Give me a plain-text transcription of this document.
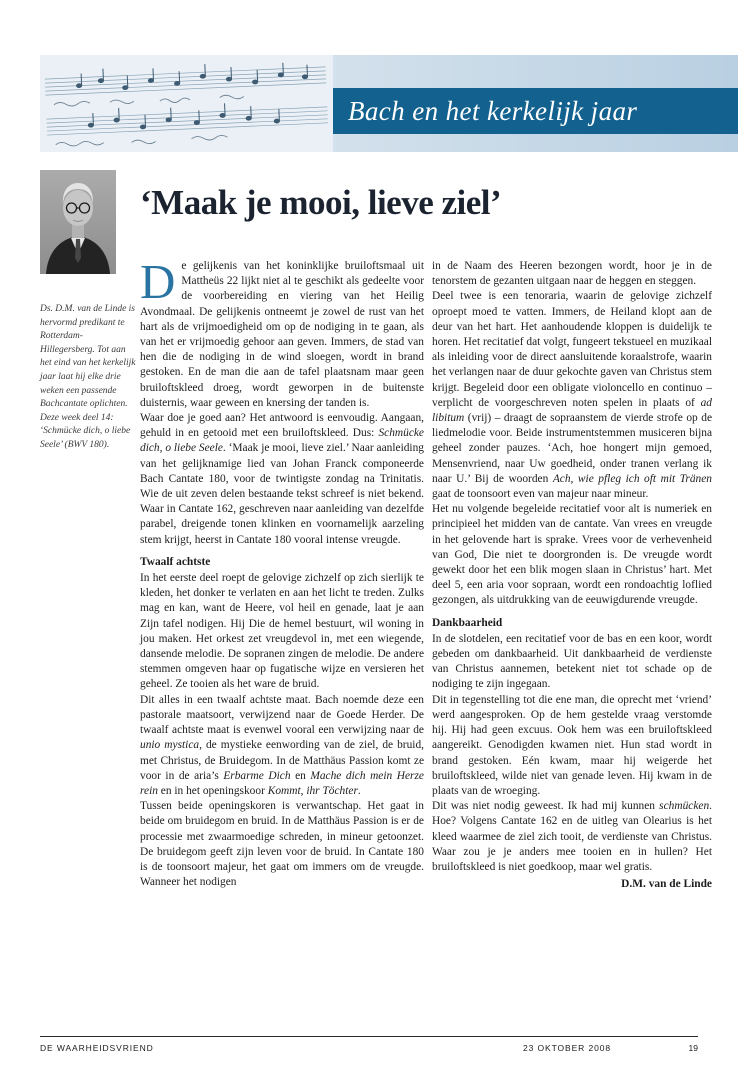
Bach en het kerkelijk jaar
Ds. D.M. van de Linde is hervormd predikant te Rotterdam-Hillegersberg. Tot aan het eind van het kerkelijk jaar laat hij elke drie weken een passende Bachcantate oplichten. Deze week deel 14: ‘Schmücke dich, o liebe Seele’ (BWV 180).
‘Maak je mooi, lieve ziel’

De gelijkenis van het koninklijke bruiloftsmaal uit Mattheüs 22 lijkt niet al te geschikt als gedeelte voor de voorbereiding en viering van het Heilig Avondmaal. De gelijkenis ontneemt je zowel de rust van het hart als de vrijmoedigheid om op de nodiging in te gaan, als van het er vrijmoedig gehoor aan geven. Immers, de stad van hen die de nodiging in de wind sloegen, wordt in brand gestoken. En de man die aan de tafel plaatsnam maar geen bruiloftskleed droeg, wordt geworpen in de buitenste duisternis, waar geween en knersing der tanden is.

Waar doe je goed aan? Het antwoord is eenvoudig. Aangaan, gehuld in en getooid met een bruiloftskleed. Dus: Schmücke dich, o liebe Seele. ‘Maak je mooi, lieve ziel.’ Naar aanleiding van het gelijknamige lied van Johan Franck componeerde Bach Cantate 180, voor de twintigste zondag na Trinitatis. Wie de uit zeven delen bestaande tekst schreef is niet bekend. Waar in Cantate 162, geschreven naar aanleiding van dezelfde parabel, dreigende tonen klinken en voornamelijk aarzeling stem krijgt, heerst in Cantate 180 vooral intense vreugde.

Twaalf achtste

In het eerste deel roept de gelovige zichzelf op zich sierlijk te kleden, het donker te verlaten en aan het licht te treden. Zulks mag en kan, want de Heere, vol heil en genade, laat je aan Zijn tafel nodigen. Hij Die de hemel bestuurt, wil woning in jou maken. Het orkest zet vreugdevol in, met een wiegende, dansende melodie. De sopranen zingen de melodie. De andere stemmen omgeven haar op fugatische wijze en versieren het geheel. Ze tooien als het ware de bruid.

Dit alles in een twaalf achtste maat. Bach noemde deze een pastorale maatsoort, verwijzend naar de Goede Herder. De twaalf achtste maat is evenwel vooral een verwijzing naar de unio mystica, de mystieke eenwording van de ziel, de bruid, met Christus, de Bruidegom. In de Matthäus Passion komt ze voor in de aria’s Erbarme Dich en Mache dich mein Herze rein en in het openingskoor Kommt, ihr Töchter.

Tussen beide openingskoren is verwantschap. Het gaat in beide om bruidegom en bruid. In de Matthäus Passion is er de processie met zwaarmoedige schreden, in mineur getoonzet. De bruidegom geeft zijn leven voor de bruid. In Cantate 180 is de toonsoort majeur, het gaat om immers om de vreugde. Wanneer het nodigen

in de Naam des Heeren bezongen wordt, hoor je in de tenorstem de gezanten uitgaan naar de heggen en steggen.

Deel twee is een tenoraria, waarin de gelovige zichzelf oproept moed te vatten. Immers, de Heiland klopt aan de deur van het hart. Het aanhoudende kloppen is duidelijk te horen. Het recitatief dat volgt, fungeert tekstueel en muzikaal als inleiding voor de direct aansluitende koraalstrofe, waarin het verlangen naar de duur gekochte gaven van Christus stem krijgt. Begeleid door een obligate violoncello en continuo – verplicht de voorgeschreven noten spelen in plaats of ad libitum (vrij) – draagt de sopraanstem de vierde strofe op de liedmelodie voor. Beide instrumentstemmen musiceren bijna geheel zonder pauzes. ‘Ach, hoe hongert mijn gemoed, Mensenvriend, naar Uw goedheid, onder tranen verlang ik naar U.’ Bij de woorden Ach, wie pfleg ich oft mit Tränen gaat de toonsoort even van majeur naar mineur.

Het nu volgende begeleide recitatief voor alt is numeriek en principieel het midden van de cantate. Van vrees en vreugde in het gelovende hart is sprake. Vrees voor de verhevenheid van God, Die niet te doorgronden is. De vreugde wordt gewekt door het een blik mogen slaan in Christus’ hart. Met deel 5, een aria voor sopraan, wordt een rondoachtig loflied gezongen, als uitdrukking van de eeuwigdurende vreugde.

Dankbaarheid

In de slotdelen, een recitatief voor de bas en een koor, wordt gebeden om dankbaarheid. Uit dankbaarheid de verdienste van Christus aannemen, betekent niet tot schade op de nodiging te zijn ingegaan.

Dit in tegenstelling tot die ene man, die oprecht met ‘vriend’ werd aangesproken. Op de hem gestelde vraag verstomde hij. Hij had geen excuus. Ook hem was een bruiloftskleed aangereikt. Genodigden kwamen niet. Hun stad wordt in brand gestoken. Eén kwam, maar hij weigerde het bruiloftskleed, wilde niet van genade leven. Hij kwam in de plaats van de wroeging.

Dit was niet nodig geweest. Ik had mij kunnen schmücken. Hoe? Volgens Cantate 162 en de uitleg van Olearius is het kleed waarmee de ziel zich tooit, de verdienste van Christus. Waar zou je je anders mee tooien en in hullen? Het bruiloftskleed is niet goedkoop, maar wel gratis.

D.M. van de Linde

DE WAARHEIDSVRIEND	23 OKTOBER 2008	19
